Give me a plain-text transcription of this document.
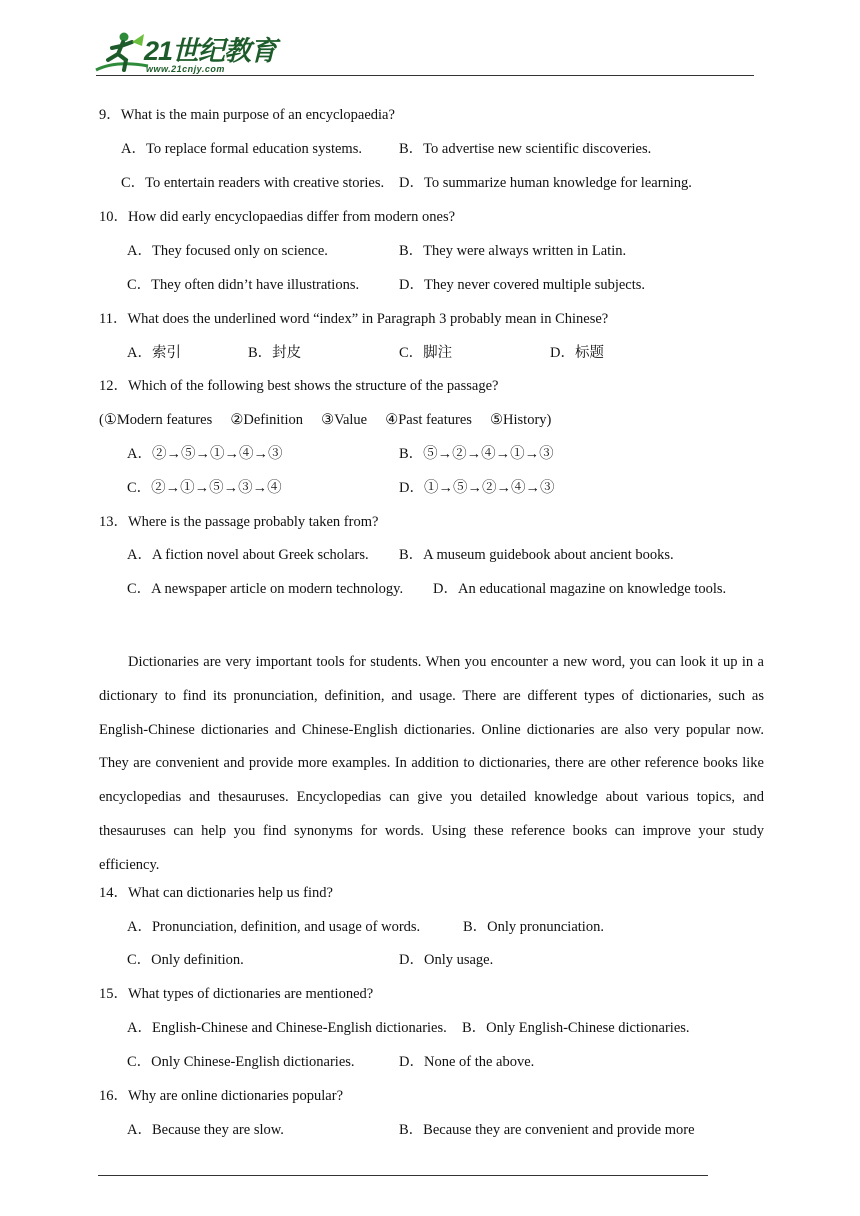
21世纪教育
www.21cnjy.com
9．What is the main purpose of an encyclopaedia?
A．To replace formal education systems.	B．To advertise new scientific discoveries.
C．To entertain readers with creative stories. D．To summarize human knowledge for learning.
10．How did early encyclopaedias differ from modern ones?
A．They focused only on science.	B．They were always written in Latin.
C．They often didn’t have illustrations.	D．They never covered multiple subjects.
11．What does the underlined word “index” in Paragraph 3 probably mean in Chinese?
A．索引	B．封皮	C．脚注	D．标题
12．Which of the following best shows the structure of the passage?
(①Modern features     ②Definition     ③Value     ④Past features     ⑤History)
A．②→⑤→①→④→③	B．⑤→②→④→①→③
C．②→①→⑤→③→④	D．①→⑤→②→④→③
13．Where is the passage probably taken from?
A．A fiction novel about Greek scholars. B．A museum guidebook about ancient books.
C．A newspaper article on modern technology. D．An educational magazine on knowledge tools.

Dictionaries are very important tools for students. When you encounter a new word, you can look it up in a dictionary to find its pronunciation, definition, and usage. There are different types of dictionaries, such as English-Chinese dictionaries and Chinese-English dictionaries. Online dictionaries are also very popular now. They are convenient and provide more examples. In addition to dictionaries, there are other reference books like encyclopedias and thesauruses. Encyclopedias can give you detailed knowledge about various topics, and thesauruses can help you find synonyms for words. Using these reference books can improve your study efficiency.

14．What can dictionaries help us find?
A．Pronunciation, definition, and usage of words.	B．Only pronunciation.
C．Only definition.	D．Only usage.
15．What types of dictionaries are mentioned?
A．English-Chinese and Chinese-English dictionaries. B．Only English-Chinese dictionaries.
C．Only Chinese-English dictionaries.	D．None of the above.
16．Why are online dictionaries popular?
A．Because they are slow.	B．Because they are convenient and provide more
